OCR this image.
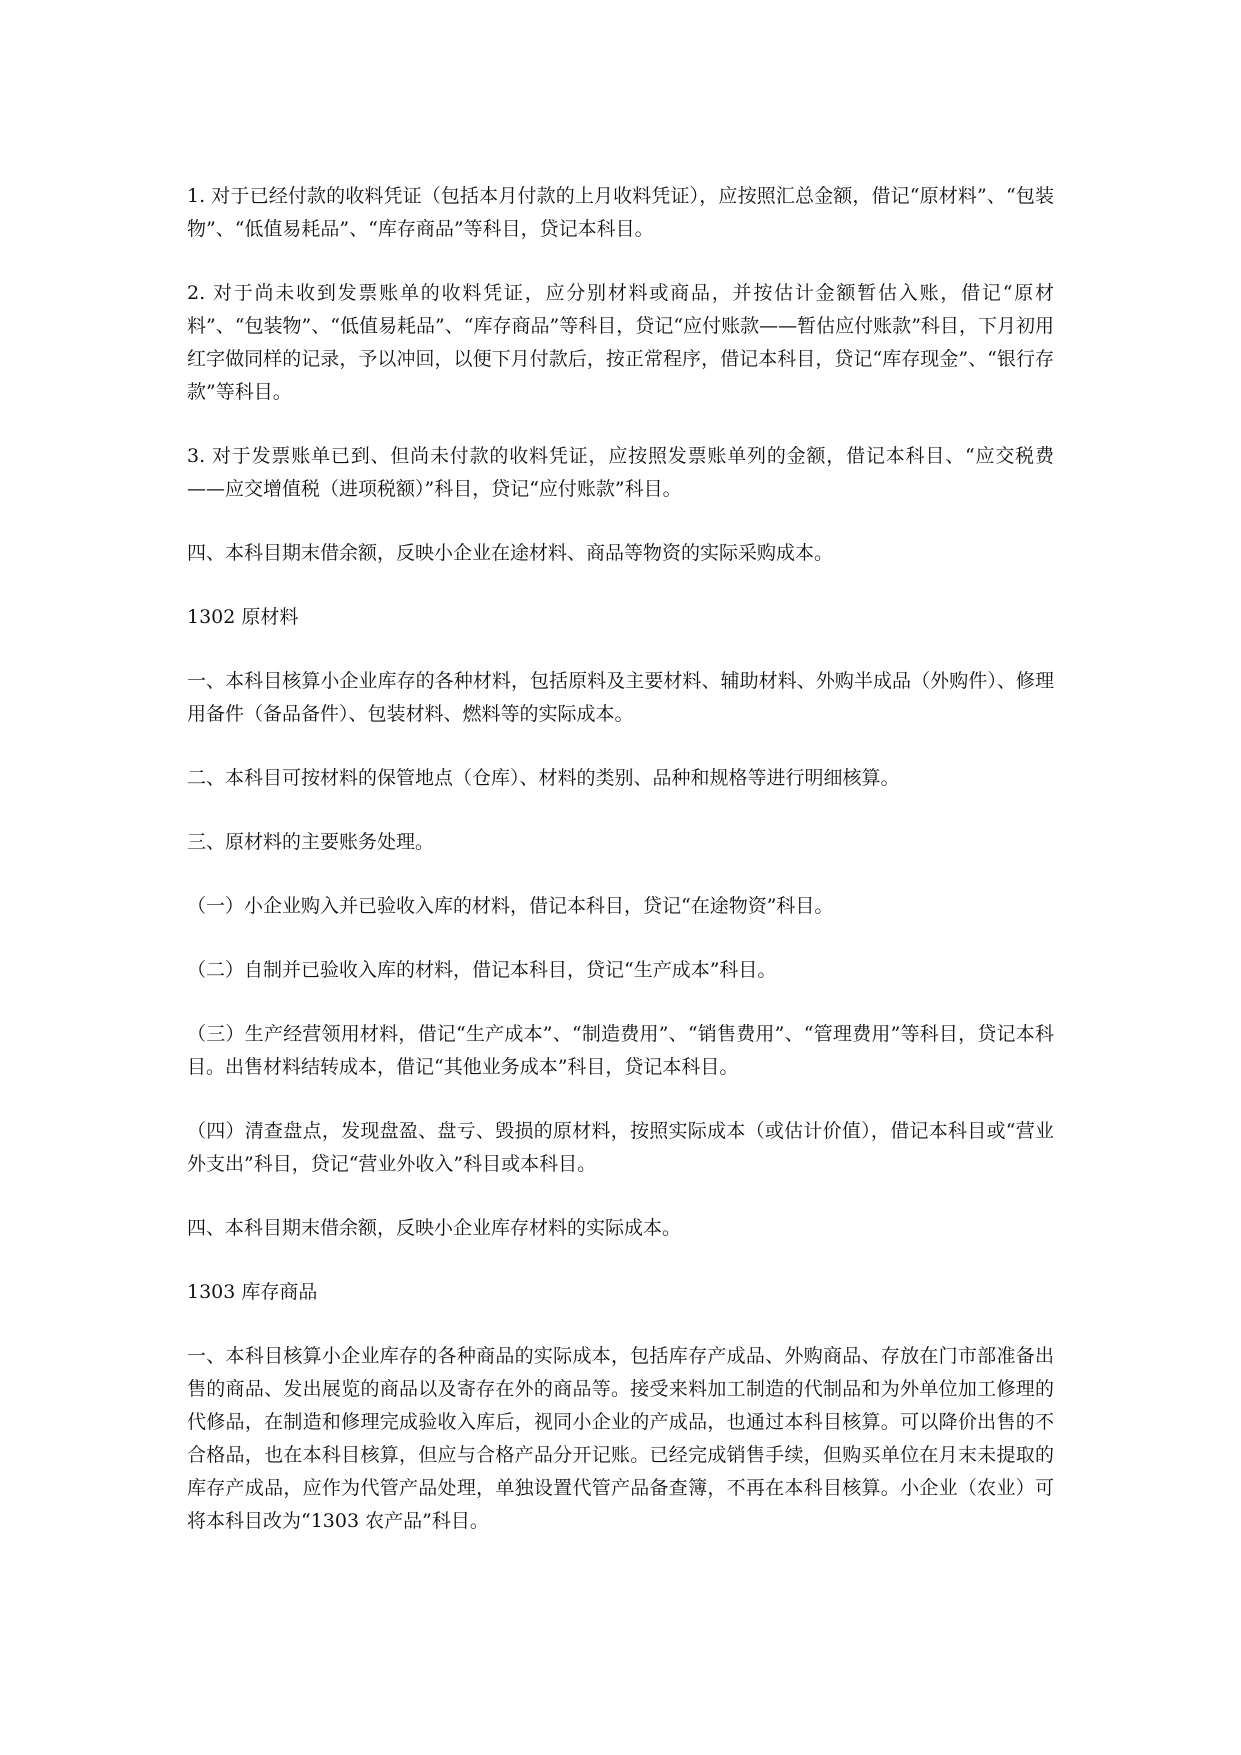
1. 对于已经付款的收料凭证（包括本月付款的上月收料凭证），应按照汇总金额，借记“原材料”、“包装物”、“低值易耗品”、“库存商品”等科目，贷记本科目。

2. 对于尚未收到发票账单的收料凭证，应分别材料或商品，并按估计金额暂估入账，借记“原材料”、“包装物”、“低值易耗品”、“库存商品”等科目，贷记“应付账款——暂估应付账款”科目，下月初用红字做同样的记录，予以冲回，以便下月付款后，按正常程序，借记本科目，贷记“库存现金”、“银行存款”等科目。

3. 对于发票账单已到、但尚未付款的收料凭证，应按照发票账单列的金额，借记本科目、“应交税费——应交增值税（进项税额）”科目，贷记“应付账款”科目。

四、本科目期末借余额，反映小企业在途材料、商品等物资的实际采购成本。

1302 原材料

一、本科目核算小企业库存的各种材料，包括原料及主要材料、辅助材料、外购半成品（外购件）、修理用备件（备品备件）、包装材料、燃料等的实际成本。

二、本科目可按材料的保管地点（仓库）、材料的类别、品种和规格等进行明细核算。

三、原材料的主要账务处理。

（一）小企业购入并已验收入库的材料，借记本科目，贷记“在途物资”科目。

（二）自制并已验收入库的材料，借记本科目，贷记“生产成本”科目。

（三）生产经营领用材料，借记“生产成本”、“制造费用”、“销售费用”、“管理费用”等科目，贷记本科目。出售材料结转成本，借记“其他业务成本”科目，贷记本科目。

（四）清查盘点，发现盘盈、盘亏、毁损的原材料，按照实际成本（或估计价值），借记本科目或“营业外支出”科目，贷记“营业外收入”科目或本科目。

四、本科目期末借余额，反映小企业库存材料的实际成本。

1303 库存商品

一、本科目核算小企业库存的各种商品的实际成本，包括库存产成品、外购商品、存放在门市部准备出售的商品、发出展览的商品以及寄存在外的商品等。接受来料加工制造的代制品和为外单位加工修理的代修品，在制造和修理完成验收入库后，视同小企业的产成品，也通过本科目核算。可以降价出售的不合格品，也在本科目核算，但应与合格产品分开记账。已经完成销售手续，但购买单位在月末未提取的库存产成品，应作为代管产品处理，单独设置代管产品备查簿，不再在本科目核算。小企业（农业）可将本科目改为“1303 农产品”科目。
